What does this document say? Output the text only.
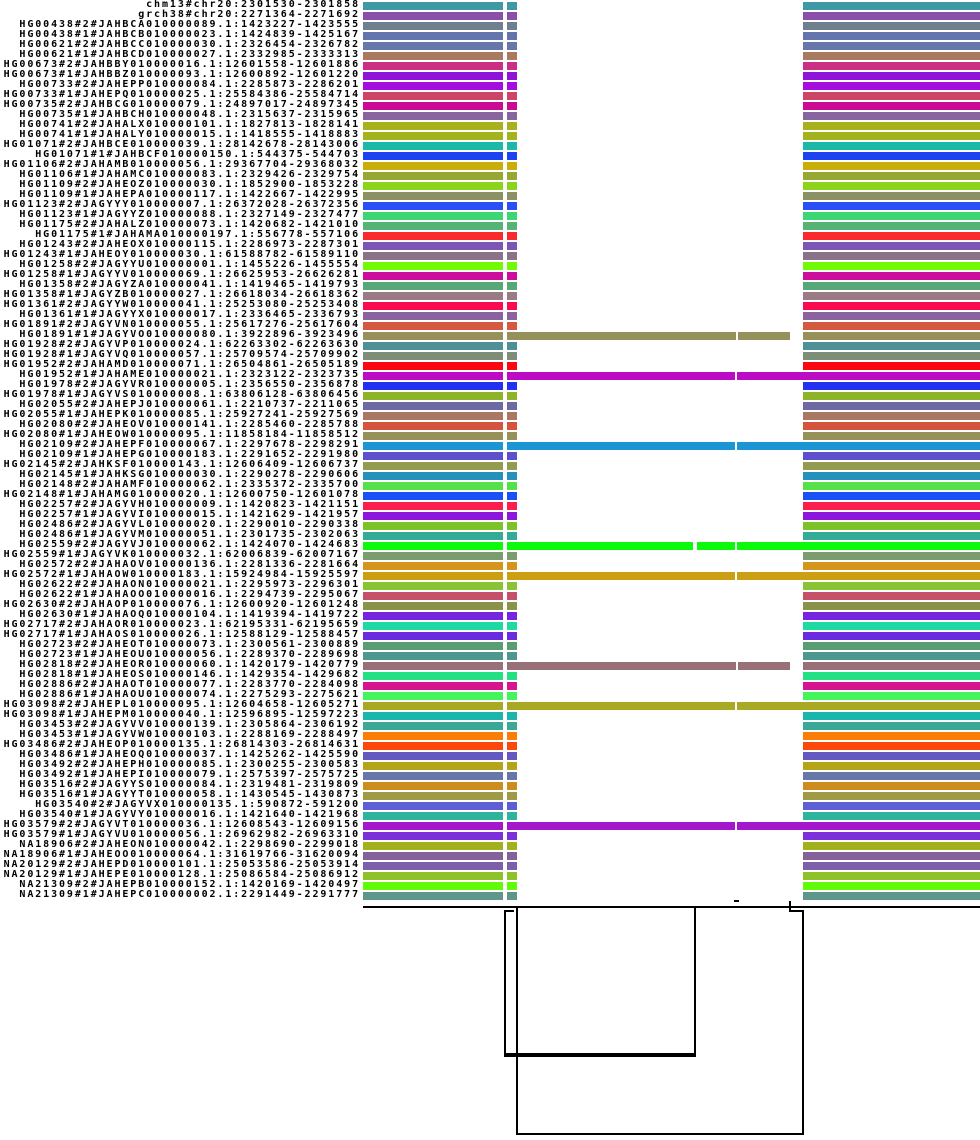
chm13#chr20:2301530-2301858
grch38#chr20:2271364-2271692
HG00438#2#JAHBCA010000089.1:1423227-1423555
HG00438#1#JAHBCB010000023.1:1424839-1425167
HG00621#2#JAHBCC010000030.1:2326454-2326782
HG00621#1#JAHBCD010000027.1:2332985-2333313
HG00673#2#JAHBBY010000016.1:12601558-12601886
HG00673#1#JAHBBZ010000093.1:12600892-12601220
HG00733#2#JAHEPP010000084.1:2285873-2286201
HG00733#1#JAHEPQ010000025.1:25584386-25584714
HG00735#2#JAHBCG010000079.1:24897017-24897345
HG00735#1#JAHBCH010000048.1:2315637-2315965
HG00741#2#JAHALX010000101.1:1827813-1828141
HG00741#1#JAHALY010000015.1:1418555-1418883
HG01071#2#JAHBCE010000039.1:28142678-28143006
HG01071#1#JAHBCF010000150.1:544375-544703
HG01106#2#JAHAMB010000056.1:29367704-29368032
HG01106#1#JAHAMC010000083.1:2329426-2329754
HG01109#2#JAHEOZ010000030.1:1852900-1853228
HG01109#1#JAHEPA010000117.1:1422667-1422995
HG01123#2#JAGYYY010000007.1:26372028-26372356
HG01123#1#JAGYYZ010000088.1:2327149-2327477
HG01175#2#JAHALZ010000073.1:1420682-1421010
HG01175#1#JAHAMA010000197.1:556778-557106
HG01243#2#JAHEOX010000115.1:2286973-2287301
HG01243#1#JAHEOY010000030.1:61588782-61589110
HG01258#2#JAGYYU010000001.1:1455226-1455554
HG01258#1#JAGYYV010000069.1:26625953-26626281
HG01358#2#JAGYZA010000041.1:1419465-1419793
HG01358#1#JAGYZB010000027.1:26618034-26618362
HG01361#2#JAGYYW010000041.1:25253080-25253408
HG01361#1#JAGYYX010000017.1:2336465-2336793
HG01891#2#JAGYVN010000055.1:25617276-25617604
HG01891#1#JAGYVO010000080.1:3922896-3923496
HG01928#2#JAGYVP010000024.1:62263302-62263630
HG01928#1#JAGYVQ010000057.1:25709574-25709902
HG01952#2#JAHAMD010000071.1:26504861-26505189
HG01952#1#JAHAME010000021.1:2323122-2323735
HG01978#2#JAGYVR010000005.1:2356550-2356878
HG01978#1#JAGYVS010000008.1:63806128-63806456
HG02055#2#JAHEPJ010000061.1:2210737-2211065
HG02055#1#JAHEPK010000085.1:25927241-25927569
HG02080#2#JAHEOV010000141.1:2285460-2285788
HG02080#1#JAHEOW010000095.1:11858184-11858512
HG02109#2#JAHEPF010000067.1:2297678-2298291
HG02109#1#JAHEPG010000183.1:2291652-2291980
HG02145#2#JAHKSF010000143.1:12606409-12606737
HG02145#1#JAHKSG010000030.1:2290278-2290606
HG02148#2#JAHAMF010000062.1:2335372-2335700
HG02148#1#JAHAMG010000020.1:12600750-12601078
HG02257#2#JAGYVH010000009.1:1420823-1421151
HG02257#1#JAGYVI010000015.1:1421629-1421957
HG02486#2#JAGYVL010000020.1:2290010-2290338
HG02486#1#JAGYVM010000051.1:2301735-2302063
HG02559#2#JAGYVJ010000062.1:1424070-1424683
HG02559#1#JAGYVK010000032.1:62006839-62007167
HG02572#2#JAHAOV010000136.1:2281336-2281664
HG02572#1#JAHAOW010000183.1:15924984-15925597
HG02622#2#JAHAON010000021.1:2295973-2296301
HG02622#1#JAHAOO010000016.1:2294739-2295067
HG02630#2#JAHAOP010000076.1:12600920-12601248
HG02630#1#JAHAOQ010000104.1:1419394-1419722
HG02717#2#JAHAOR010000023.1:62195331-62195659
HG02717#1#JAHAOS010000026.1:12588129-12588457
HG02723#2#JAHEOT010000073.1:2300561-2300889
HG02723#1#JAHEOU010000056.1:2289370-2289698
HG02818#2#JAHEOR010000060.1:1420179-1420779
HG02818#1#JAHEOS010000146.1:1429354-1429682
HG02886#2#JAHAOT010000077.1:2283770-2284098
HG02886#1#JAHAOU010000074.1:2275293-2275621
HG03098#2#JAHEPL010000095.1:12604658-12605271
HG03098#1#JAHEPM010000040.1:12596895-12597223
HG03453#2#JAGYVV010000139.1:2305864-2306192
HG03453#1#JAGYVW010000103.1:2288169-2288497
HG03486#2#JAHEOP010000135.1:26814303-26814631
HG03486#1#JAHEOQ010000037.1:1425262-1425590
HG03492#2#JAHEPH010000085.1:2300255-2300583
HG03492#1#JAHEPI010000079.1:2575397-2575725
HG03516#2#JAGYYS010000084.1:2319481-2319809
HG03516#1#JAGYYT010000058.1:1430545-1430873
HG03540#2#JAGYVX010000135.1:590872-591200
HG03540#1#JAGYVY010000016.1:1421640-1421968
HG03579#2#JAGYVT010000036.1:12608543-12609156
HG03579#1#JAGYVU010000056.1:26962982-26963310
NA18906#2#JAHEON010000042.1:2298690-2299018
NA18906#1#JAHEOO010000064.1:31619766-31620094
NA20129#2#JAHEPD010000101.1:25053586-25053914
NA20129#1#JAHEPE010000128.1:25086584-25086912
NA21309#2#JAHEPB010000152.1:1420169-1420497
NA21309#1#JAHEPC010000002.1:2291449-2291777
